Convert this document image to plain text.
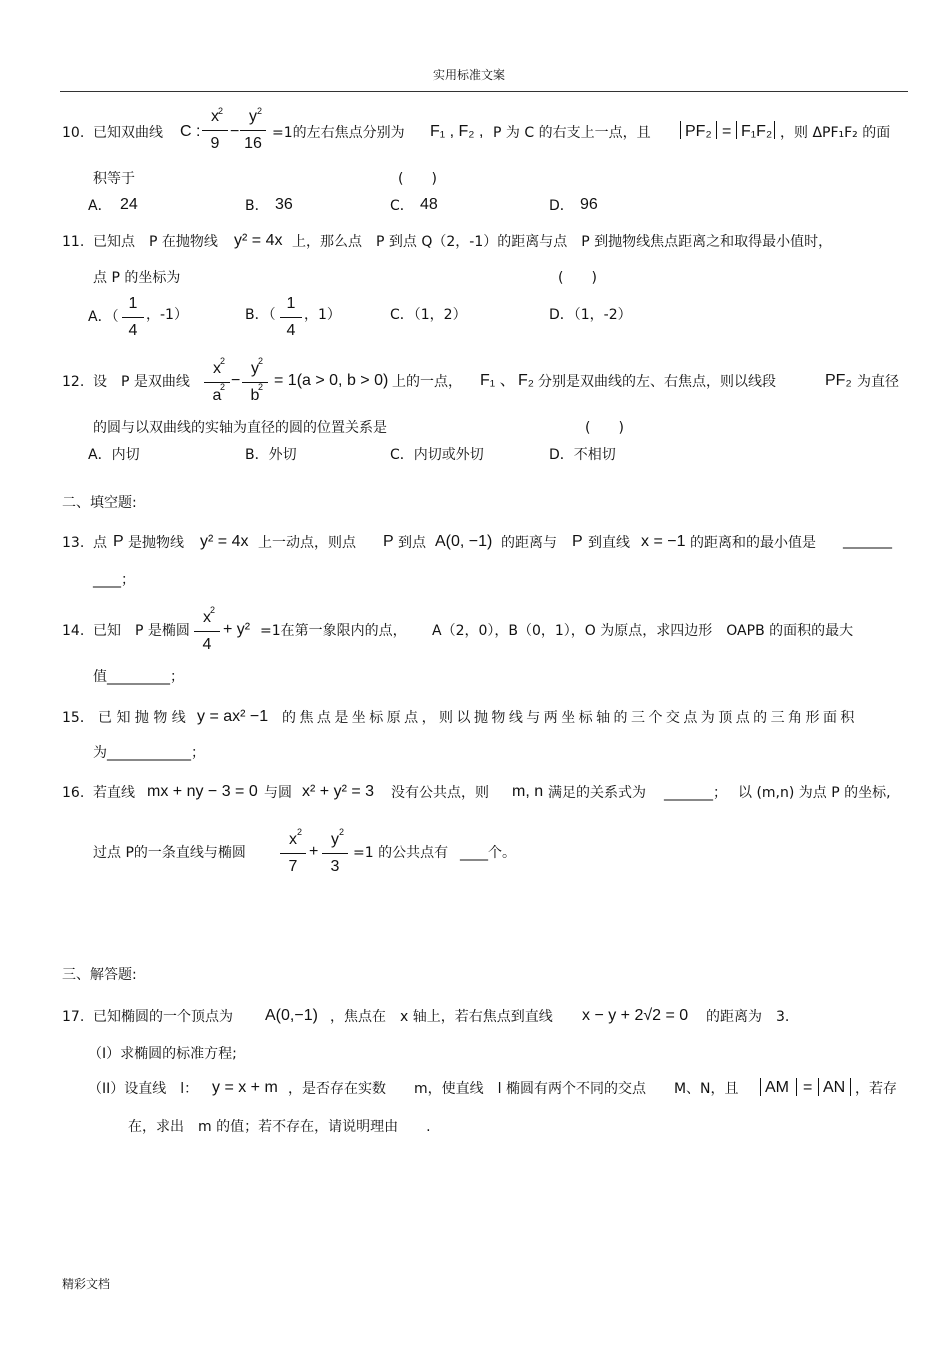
实用标准文案
10. 已知双曲线 C :
x
9
2
−
y
16
2
=1的左右焦点分别为 F₁ , F₂ , P 为 C 的右支上一点，且 PF₂ = F₁F₂ ，则 ΔPF₁F₂ 的面
积等于	(　　)
A． 24	B． 36	C． 48	D． 96
11. 已知点　P 在抛物线 y² = 4x 上，那么点　P 到点 Q（2，-1）的距离与点　P 到抛物线焦点距离之和取得最小值时，
点 P 的坐标为	(　　)
A．（
1
4
，-1）	B．（
1
4
，1）	C．（1，2）	D．（1，-2）
12. 设　P 是双曲线
x
a
2
2 −
y
b
2
2 = 1(a > 0, b > 0) 上的一点， F₁ 、 F₂ 分别是双曲线的左、右焦点，则以线段	PF₂ 为直径
的圆与以双曲线的实轴为直径的圆的位置关系是	(　　)
A．内切	B．外切	C．内切或外切	D．不相切
二、填空题:
13. 点 P 是抛物线 y² = 4x 上一动点，则点 P 到点 A(0, −1) 的距离与 P 到直线 x = −1 的距离和的最小值是 _______
____；
14. 已知　P 是椭圆
x
4
2
+ y² =1在第一象限内的点， A（2，0），B（0，1），O 为原点，求四边形　OAPB 的面积的最大
值_________；
15． 已 知 抛 物 线 y = ax² −1 的 焦 点 是 坐 标 原 点 ， 则 以 抛 物 线 与 两 坐 标 轴 的 三 个 交 点 为 顶 点 的 三 角 形 面 积
为____________；
16. 若直线 mx + ny − 3 = 0 与圆 x² + y² = 3 没有公共点，则 m, n 满足的关系式为 _______； 以 (m,n) 为点 P 的坐标,
过点 P的一条直线与椭圆
x
7
2
+
y
3
2
=1 的公共点有 ____个。
三、解答题:
17. 已知椭圆的一个顶点为 A(0,−1) ，焦点在　x 轴上，若右焦点到直线 x − y + 2√2 = 0 的距离为　3.
（I）求椭圆的标准方程;
（II）设直线　l： y = x + m ，是否存在实数　　m，使直线　l 椭圆有两个不同的交点　　M、N，且 AM = AN ，若存
在，求出　m 的值；若不存在，请说明理由　　.
精彩文档
